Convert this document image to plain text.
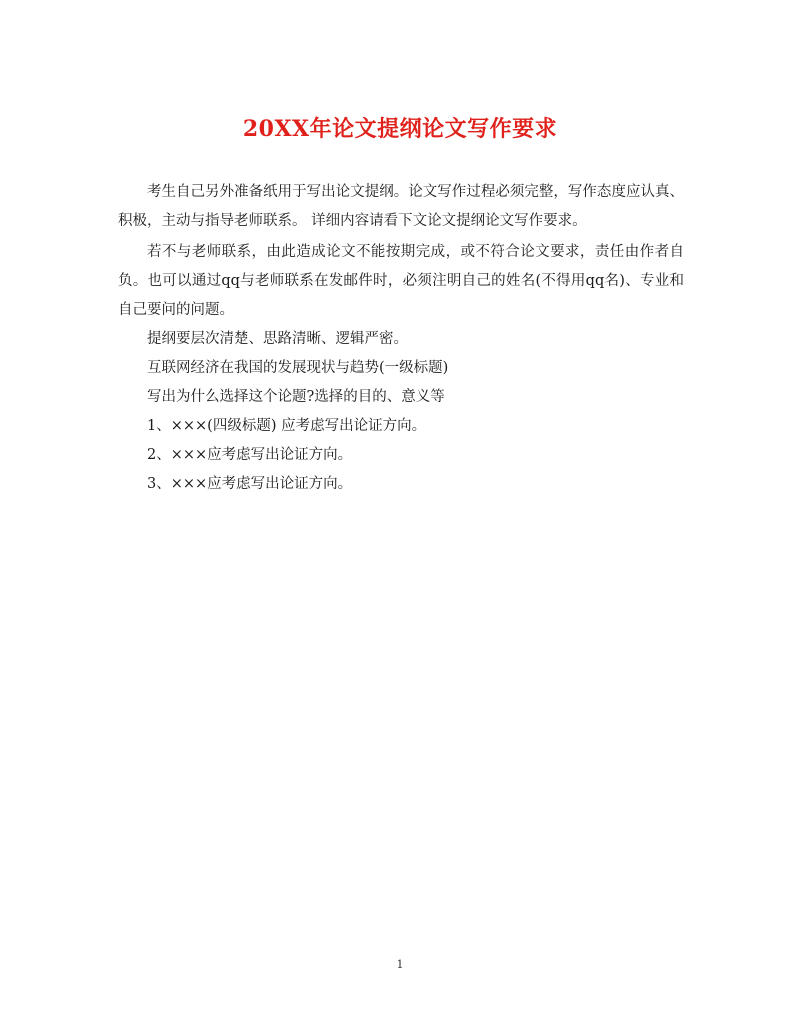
20XX年论文提纲论文写作要求

考生自己另外准备纸用于写出论文提纲。论文写作过程必须完整，写作态度应认真、积极，主动与指导老师联系。 详细内容请看下文论文提纲论文写作要求。

若不与老师联系，由此造成论文不能按期完成，或不符合论文要求，责任由作者自负。也可以通过qq与老师联系在发邮件时，必须注明自己的姓名(不得用qq名)、专业和自己要问的问题。

提纲要层次清楚、思路清晰、逻辑严密。

互联网经济在我国的发展现状与趋势(一级标题)

写出为什么选择这个论题?选择的目的、意义等

1、×××(四级标题) 应考虑写出论证方向。

2、×××应考虑写出论证方向。

3、×××应考虑写出论证方向。

1
